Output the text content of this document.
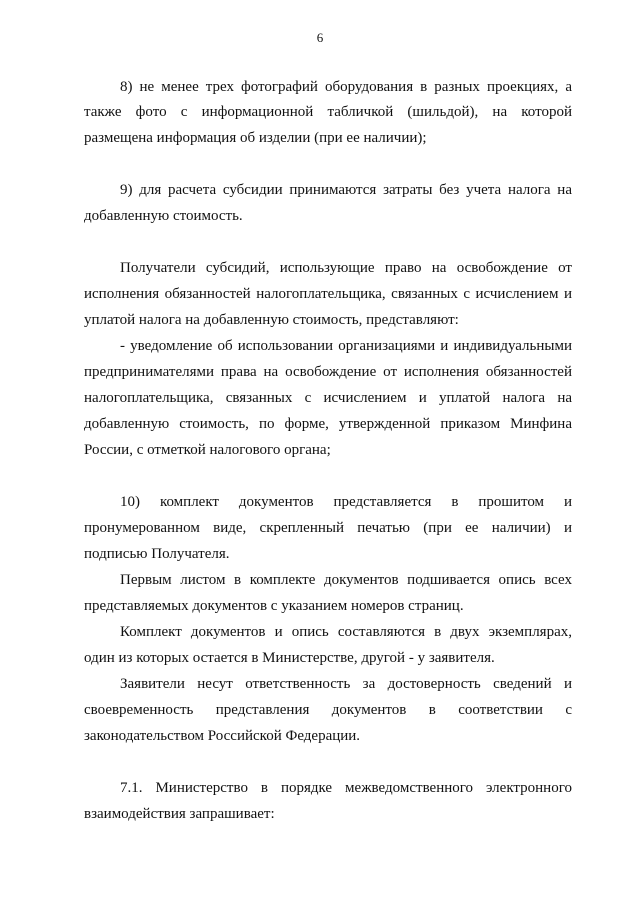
6
8) не менее трех фотографий оборудования в разных проекциях, а
также фото с информационной табличкой (шильдой), на которой
размещена информация об изделии (при ее наличии);
9) для расчета субсидии принимаются затраты без учета налога на
добавленную стоимость.
Получатели субсидий, использующие право на освобождение от
исполнения обязанностей налогоплательщика, связанных с исчислением и
уплатой налога на добавленную стоимость, представляют:
- уведомление об использовании организациями и индивидуальными
предпринимателями права на освобождение от исполнения обязанностей
налогоплательщика, связанных с исчислением и уплатой налога на
добавленную стоимость, по форме, утвержденной приказом Минфина
России, с отметкой налогового органа;
10) комплект документов представляется в прошитом и
пронумерованном виде, скрепленный печатью (при ее наличии) и
подписью Получателя.
Первым листом в комплекте документов подшивается опись всех
представляемых документов с указанием номеров страниц.
Комплект документов и опись составляются в двух экземплярах,
один из которых остается в Министерстве, другой - у заявителя.
Заявители несут ответственность за достоверность сведений и
своевременность представления документов в соответствии с
законодательством Российской Федерации.
7.1. Министерство в порядке межведомственного электронного
взаимодействия запрашивает:
